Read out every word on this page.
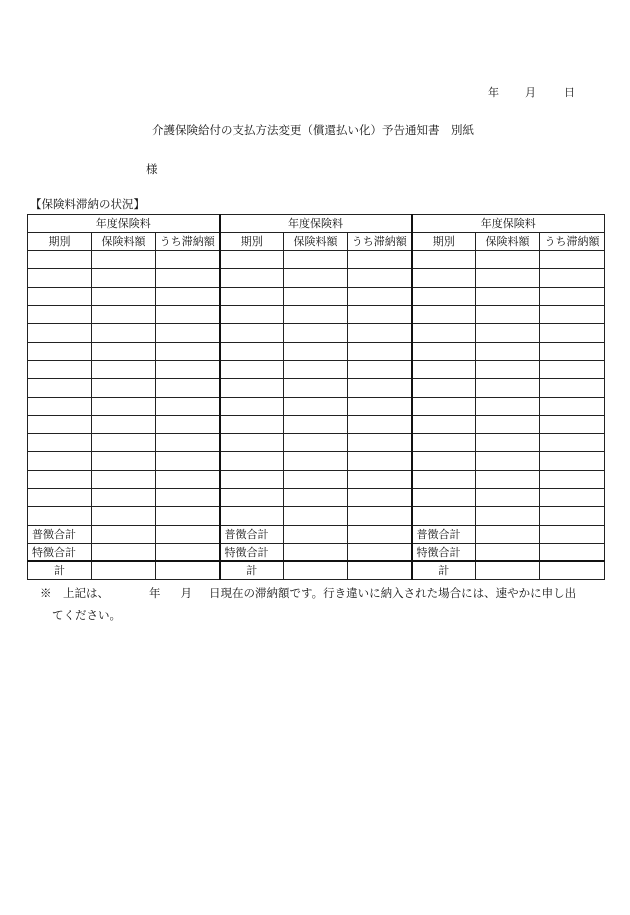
年 月	日
介護保険給付の支払方法変更（償還払い化）予告通知書　別紙
様
【保険料滞納の状況】
年度保険料			年度保険料			年度保険料		
期別	保険料額	うち滞納額	期別	保険料額	うち滞納額	期別	保険料額	うち滞納額

普徴合計			普徴合計			普徴合計		
特徴合計			特徴合計			特徴合計		
計			計			計		
※　 上記は、	年 月 日現在の滞納額です。行き違いに納入された場合には、速やかに申し出
てください。
